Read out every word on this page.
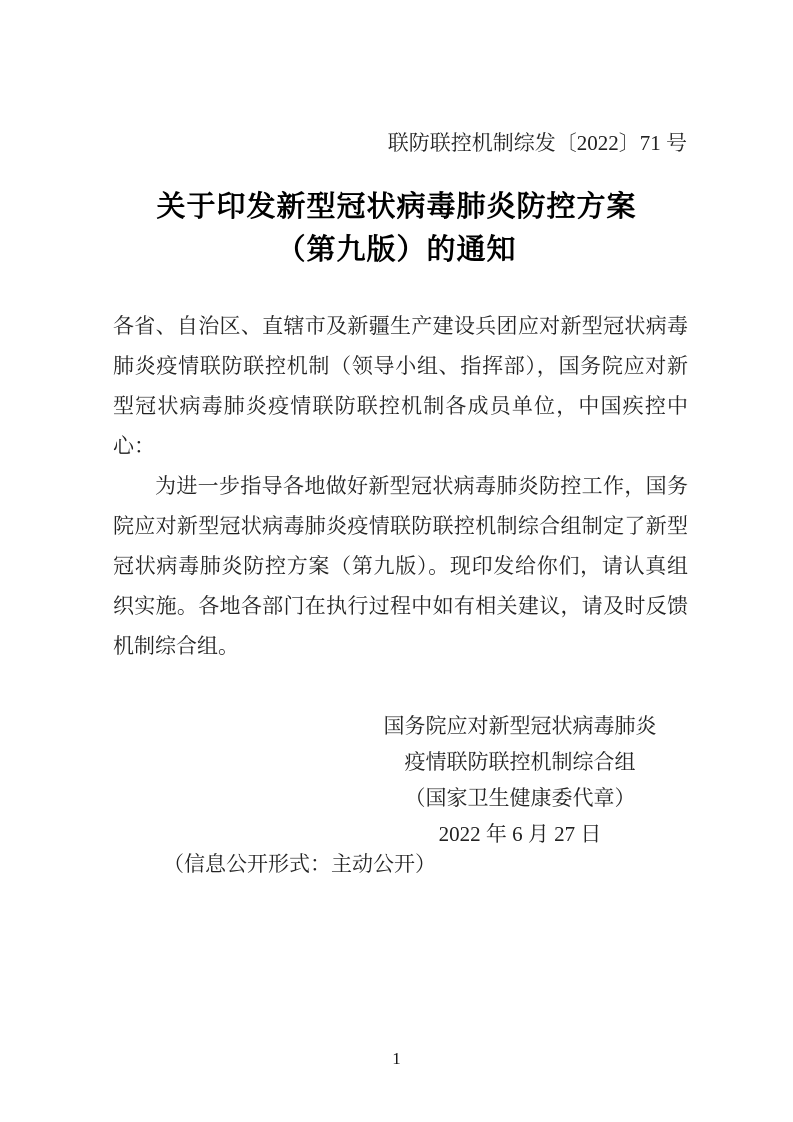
联防联控机制综发〔2022〕71 号
关于印发新型冠状病毒肺炎防控方案
（第九版）的通知

各省、自治区、直辖市及新疆生产建设兵团应对新型冠状病毒肺炎疫情联防联控机制（领导小组、指挥部），国务院应对新型冠状病毒肺炎疫情联防联控机制各成员单位，中国疾控中心：

为进一步指导各地做好新型冠状病毒肺炎防控工作，国务院应对新型冠状病毒肺炎疫情联防联控机制综合组制定了新型冠状病毒肺炎防控方案（第九版）。现印发给你们，请认真组织实施。各地各部门在执行过程中如有相关建议，请及时反馈机制综合组。

国务院应对新型冠状病毒肺炎
疫情联防联控机制综合组
（国家卫生健康委代章）
2022 年 6 月 27 日
（信息公开形式：主动公开）
1
